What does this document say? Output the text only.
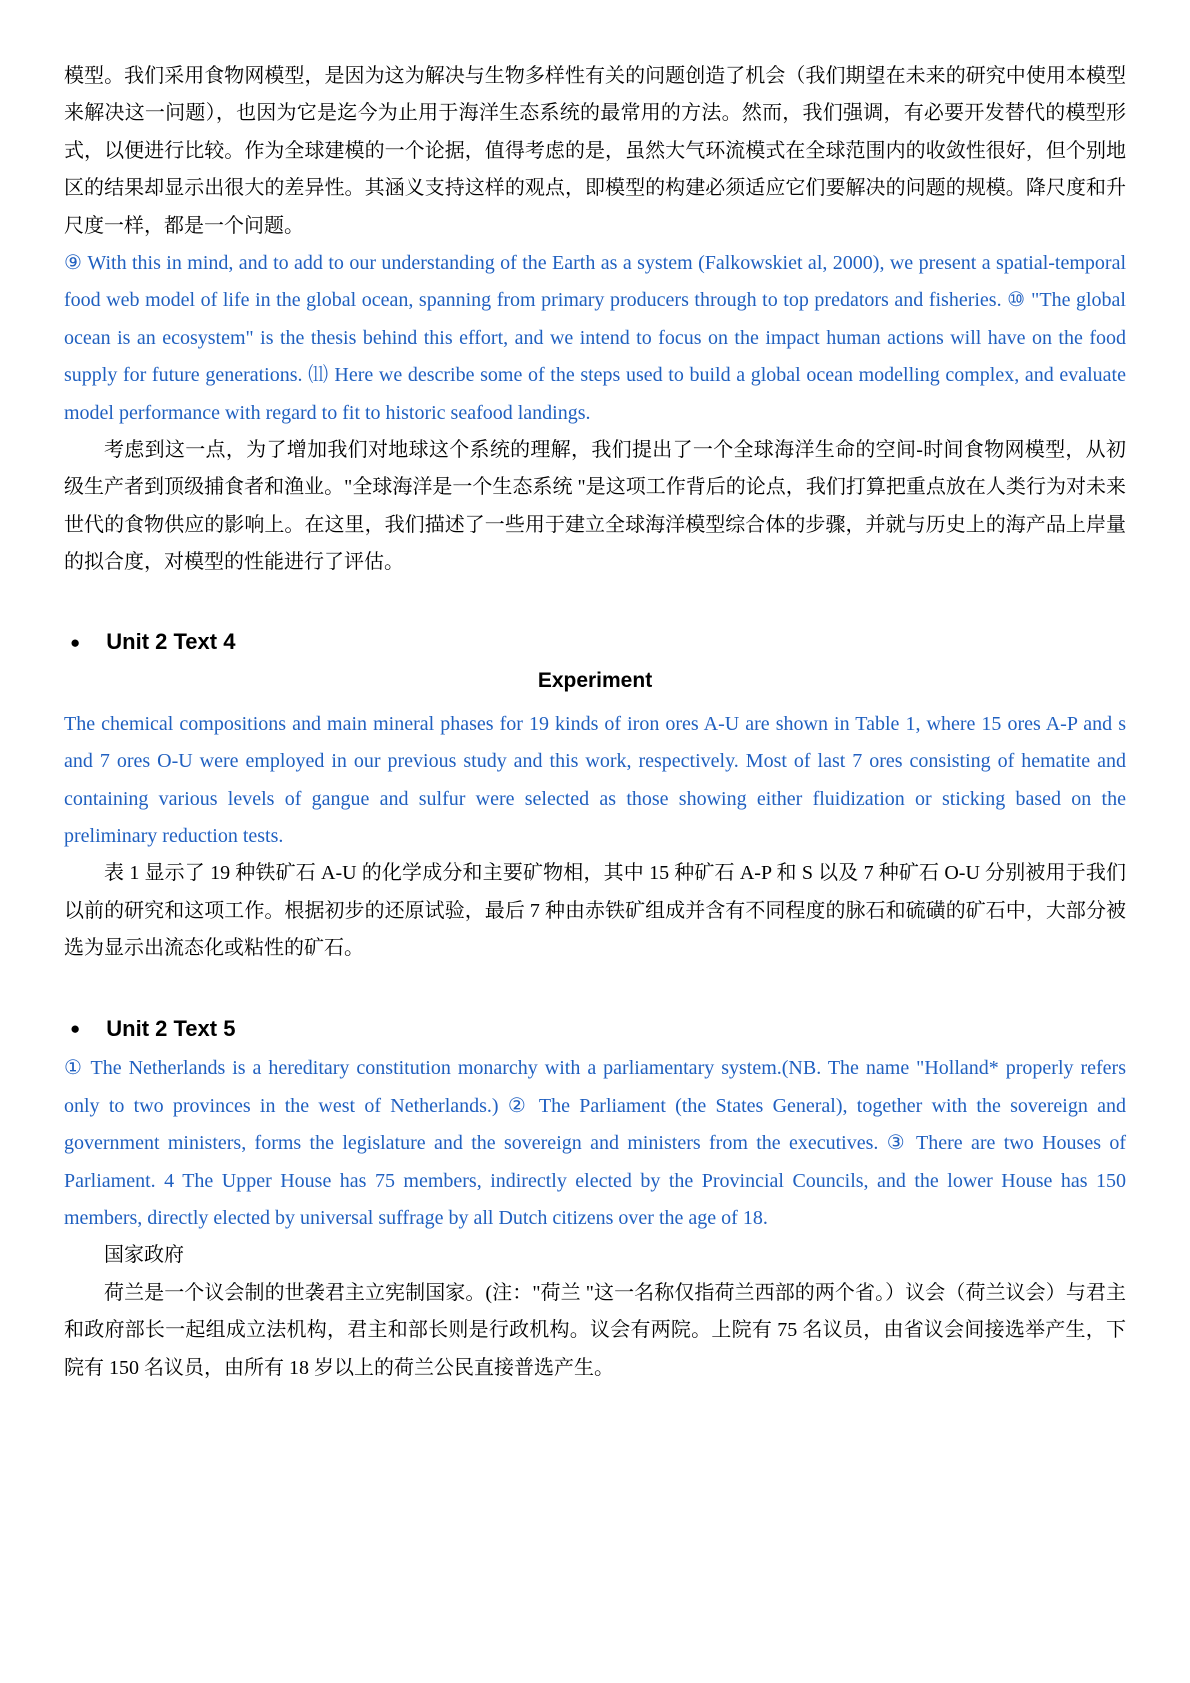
模型。我们采用食物网模型，是因为这为解决与生物多样性有关的问题创造了机会（我们期望在未来的研究中使用本模型来解决这一问题），也因为它是迄今为止用于海洋生态系统的最常用的方法。然而，我们强调，有必要开发替代的模型形式，以便进行比较。作为全球建模的一个论据，值得考虑的是，虽然大气环流模式在全球范围内的收敛性很好，但个别地区的结果却显示出很大的差异性。其涵义支持这样的观点，即模型的构建必须适应它们要解决的问题的规模。降尺度和升尺度一样，都是一个问题。

⑨ With this in mind, and to add to our understanding of the Earth as a system (Falkowskiet al, 2000), we present a spatial-temporal food web model of life in the global ocean, spanning from primary producers through to top predators and fisheries. ⑩ "The global ocean is an ecosystem" is the thesis behind this effort, and we intend to focus on the impact human actions will have on the food supply for future generations. ⑾ Here we describe some of the steps used to build a global ocean modelling complex, and evaluate model performance with regard to fit to historic seafood landings.

考虑到这一点，为了增加我们对地球这个系统的理解，我们提出了一个全球海洋生命的空间-时间食物网模型，从初级生产者到顶级捕食者和渔业。"全球海洋是一个生态系统 "是这项工作背后的论点，我们打算把重点放在人类行为对未来世代的食物供应的影响上。在这里，我们描述了一些用于建立全球海洋模型综合体的步骤，并就与历史上的海产品上岸量的拟合度，对模型的性能进行了评估。

● Unit 2 Text 4
Experiment

The chemical compositions and main mineral phases for 19 kinds of iron ores A-U are shown in Table 1, where 15 ores A-P and s and 7 ores O-U were employed in our previous study and this work, respectively. Most of last 7 ores consisting of hematite and containing various levels of gangue and sulfur were selected as those showing either fluidization or sticking based on the preliminary reduction tests.

表 1 显示了 19 种铁矿石 A-U 的化学成分和主要矿物相，其中 15 种矿石 A-P 和 S 以及 7 种矿石 O-U 分别被用于我们以前的研究和这项工作。根据初步的还原试验，最后 7 种由赤铁矿组成并含有不同程度的脉石和硫磺的矿石中，大部分被选为显示出流态化或粘性的矿石。

● Unit 2 Text 5

① The Netherlands is a hereditary constitution monarchy with a parliamentary system.(NB. The name "Holland* properly refers only to two provinces in the west of Netherlands.) ② The Parliament (the States General), together with the sovereign and government ministers, forms the legislature and the sovereign and ministers from the executives. ③ There are two Houses of Parliament. 4 The Upper House has 75 members, indirectly elected by the Provincial Councils, and the lower House has 150 members, directly elected by universal suffrage by all Dutch citizens over the age of 18.

国家政府

荷兰是一个议会制的世袭君主立宪制国家。(注："荷兰 "这一名称仅指荷兰西部的两个省。）议会（荷兰议会）与君主和政府部长一起组成立法机构，君主和部长则是行政机构。议会有两院。上院有 75 名议员，由省议会间接选举产生，下院有 150 名议员，由所有 18 岁以上的荷兰公民直接普选产生。
